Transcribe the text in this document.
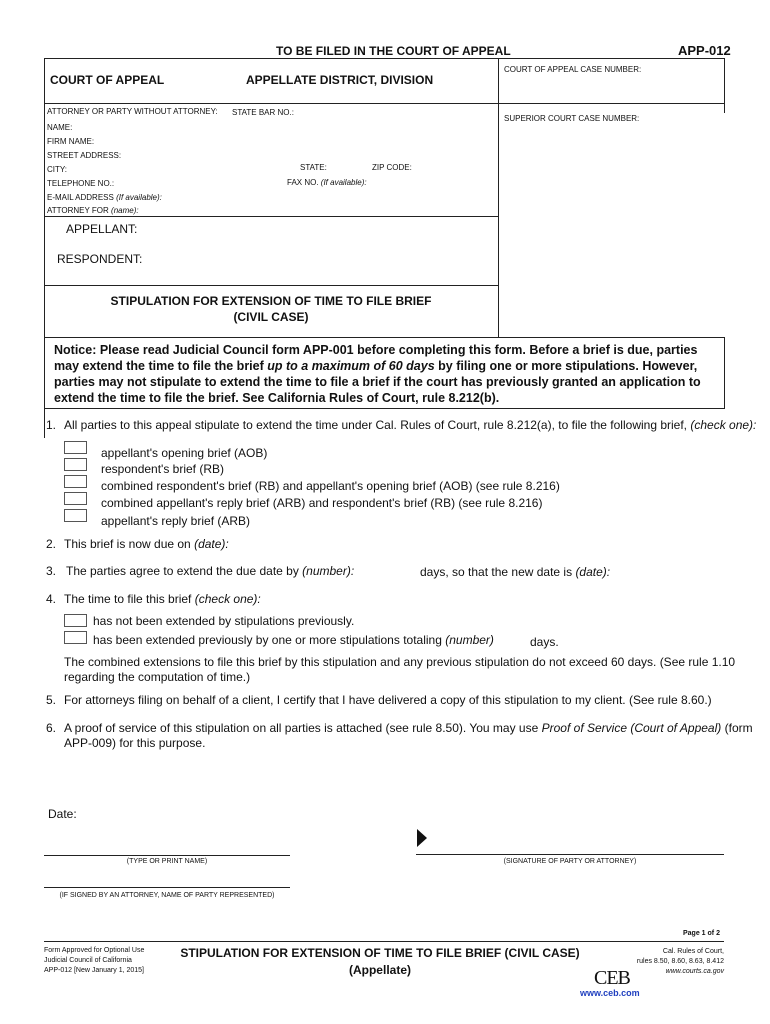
TO BE FILED IN THE COURT OF APPEAL	APP-012
COURT OF APPEAL	APPELLATE DISTRICT, DIVISION
COURT OF APPEAL CASE NUMBER:
SUPERIOR COURT CASE NUMBER:
ATTORNEY OR PARTY WITHOUT ATTORNEY: STATE BAR NO.:
NAME:
FIRM NAME:
STREET ADDRESS:
CITY:	STATE:	ZIP CODE:
TELEPHONE NO.:	FAX NO. (If available):
E-MAIL ADDRESS (If available):
ATTORNEY FOR (name):
APPELLANT:
RESPONDENT:
STIPULATION FOR EXTENSION OF TIME TO FILE BRIEF
(CIVIL CASE)
Notice: Please read Judicial Council form APP-001 before completing this form. Before a brief is due, parties
may extend the time to file the brief up to a maximum of 60 days by filing one or more stipulations. However,
parties may not stipulate to extend the time to file a brief if the court has previously granted an application to
extend the time to file the brief. See California Rules of Court, rule 8.212(b).
1. All parties to this appeal stipulate to extend the time under Cal. Rules of Court, rule 8.212(a), to file the following brief, (check one):
appellant's opening brief (AOB)
respondent's brief (RB)
combined respondent's brief (RB) and appellant's opening brief (AOB) (see rule 8.216)
combined appellant's reply brief (ARB) and respondent's brief (RB) (see rule 8.216)
appellant's reply brief (ARB)
2. This brief is now due on (date):
3. The parties agree to extend the due date by (number):	days, so that the new date is (date):
4. The time to file this brief (check one):
has not been extended by stipulations previously.
has been extended previously by one or more stipulations totaling (number)	days.
The combined extensions to file this brief by this stipulation and any previous stipulation do not exceed 60 days. (See rule 1.10
regarding the computation of time.)
5. For attorneys filing on behalf of a client, I certify that I have delivered a copy of this stipulation to my client. (See rule 8.60.)
6. A proof of service of this stipulation on all parties is attached (see rule 8.50). You may use Proof of Service (Court of Appeal) (form
APP-009) for this purpose.
Date:
(TYPE OR PRINT NAME)	(SIGNATURE OF PARTY OR ATTORNEY)
(IF SIGNED BY AN ATTORNEY, NAME OF PARTY REPRESENTED)
Page 1 of 2
Form Approved for Optional Use
Judicial Council of California
APP-012 [New January 1, 2015]
STIPULATION FOR EXTENSION OF TIME TO FILE BRIEF (CIVIL CASE)
(Appellate)
Cal. Rules of Court,
rules 8.50, 8.60, 8.63, 8.412
www.courts.ca.gov
CEB
www.ceb.com
